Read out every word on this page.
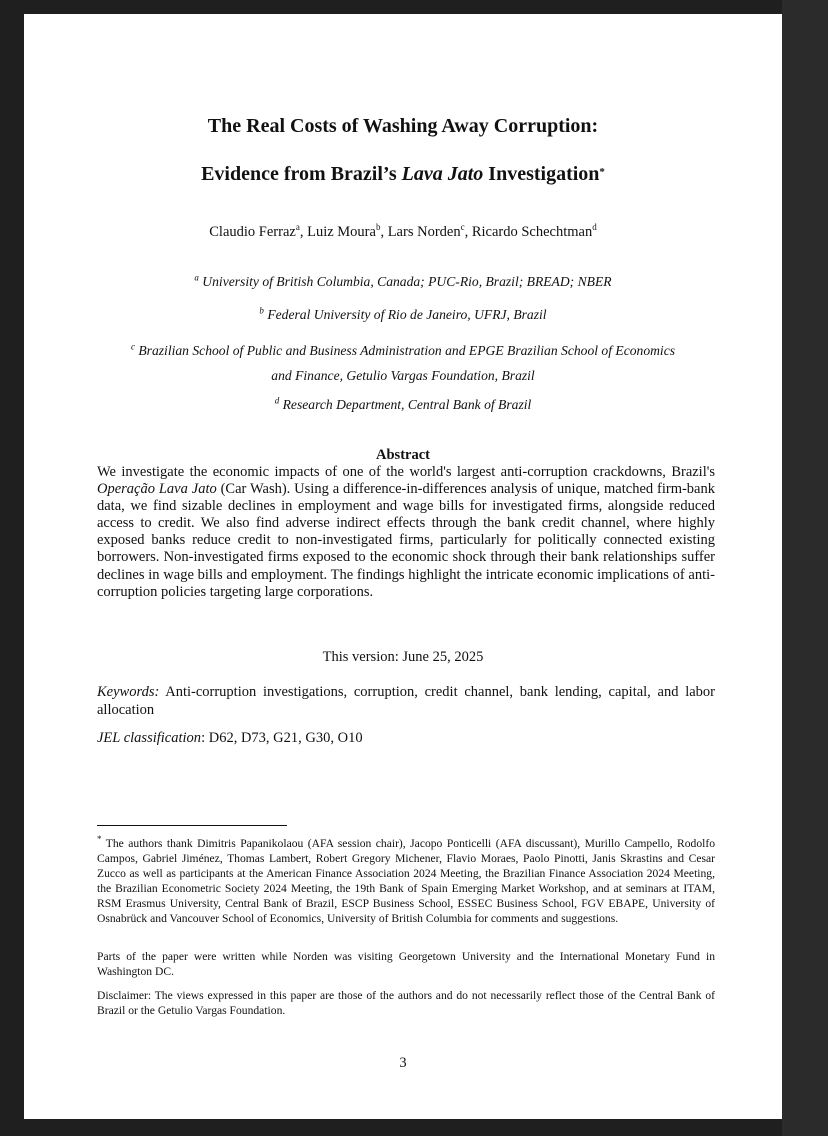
The Real Costs of Washing Away Corruption:
Evidence from Brazil’s Lava Jato Investigation*
Claudio Ferraz$^a$, Luiz Moura$^b$, Lars Norden$^c$, Ricardo Schechtman$^d$
$^a$ University of British Columbia, Canada; PUC-Rio, Brazil; BREAD; NBER
$^b$ Federal University of Rio de Janeiro, UFRJ, Brazil
$^c$ Brazilian School of Public and Business Administration and EPGE Brazilian School of Economics
and Finance, Getulio Vargas Foundation, Brazil
$^d$ Research Department, Central Bank of Brazil
Abstract
We investigate the economic impacts of one of the world's largest anti-corruption crackdowns, Brazil's Operação Lava Jato (Car Wash). Using a difference-in-differences analysis of unique, matched firm-bank data, we find sizable declines in employment and wage bills for investigated firms, alongside reduced access to credit. We also find adverse indirect effects through the bank credit channel, where highly exposed banks reduce credit to non-investigated firms, particularly for politically connected existing borrowers. Non-investigated firms exposed to the economic shock through their bank relationships suffer declines in wage bills and employment. The findings highlight the intricate economic implications of anti-corruption policies targeting large corporations.
This version: June 25, 2025
Keywords: Anti-corruption investigations, corruption, credit channel, bank lending, capital, and labor allocation
JEL classification: D62, D73, G21, G30, O10
* The authors thank Dimitris Papanikolaou (AFA session chair), Jacopo Ponticelli (AFA discussant), Murillo Campello, Rodolfo Campos, Gabriel Jiménez, Thomas Lambert, Robert Gregory Michener, Flavio Moraes, Paolo Pinotti, Janis Skrastins and Cesar Zucco as well as participants at the American Finance Association 2024 Meeting, the Brazilian Finance Association 2024 Meeting, the Brazilian Econometric Society 2024 Meeting, the 19th Bank of Spain Emerging Market Workshop, and at seminars at ITAM, RSM Erasmus University, Central Bank of Brazil, ESCP Business School, ESSEC Business School, FGV EBAPE, University of Osnabrück and Vancouver School of Economics, University of British Columbia for comments and suggestions.
Parts of the paper were written while Norden was visiting Georgetown University and the International Monetary Fund in Washington DC.
Disclaimer: The views expressed in this paper are those of the authors and do not necessarily reflect those of the Central Bank of Brazil or the Getulio Vargas Foundation.
3
